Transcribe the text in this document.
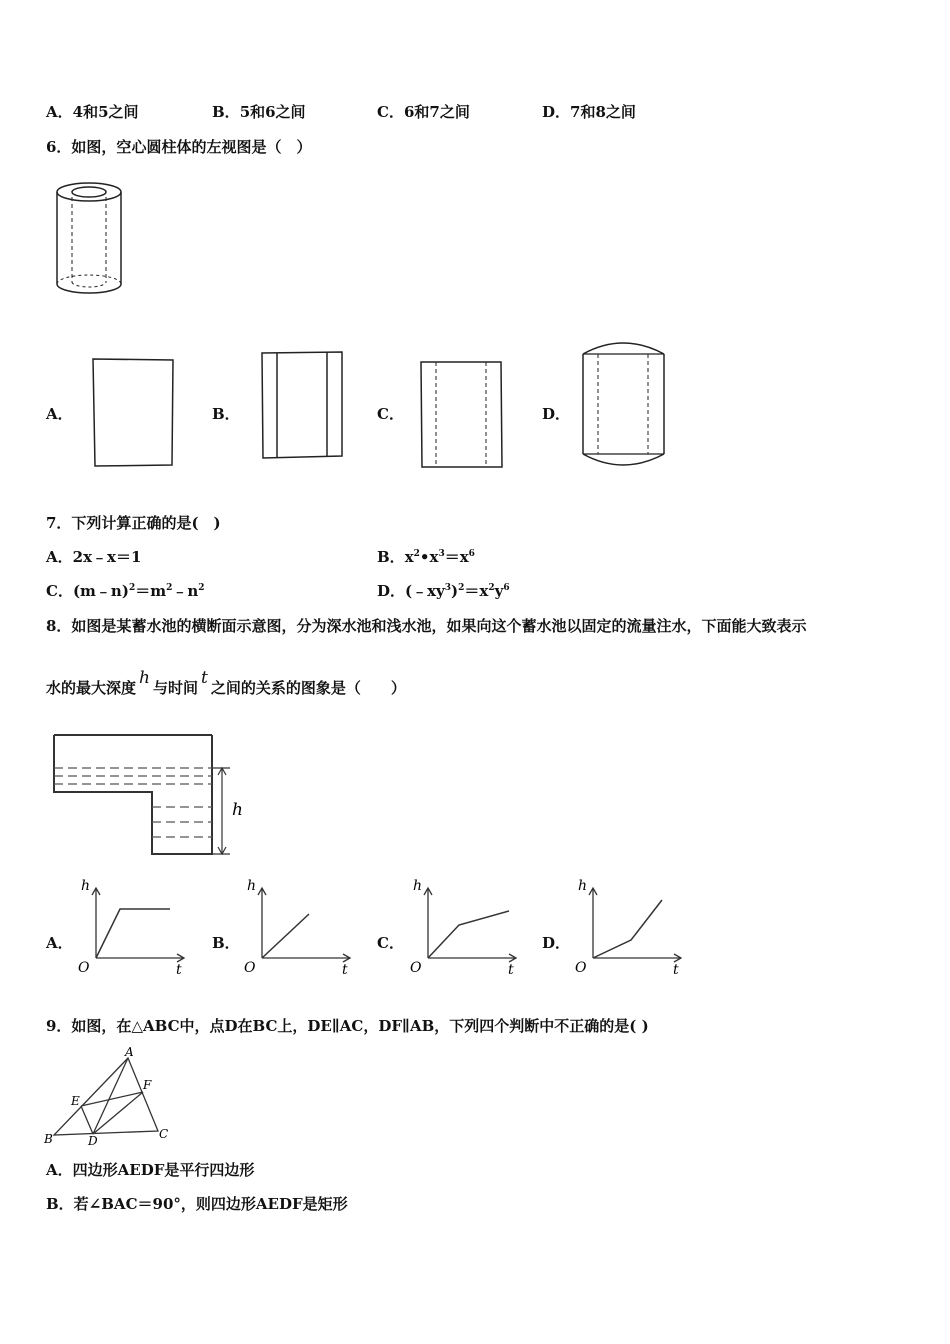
A．4和5之间	B．5和6之间	C．6和7之间	D．7和8之间
6．如图，空心圆柱体的左视图是（　）
A．	B．	C．	D．
7．下列计算正确的是(　)
A．2x﹣x＝1	B．$x^2•x^3=x^6$
C．$(m﹣n)^2=m^2﹣n^2$	D．$(﹣xy^3)^2=x^2y^6$
8．如图是某蓄水池的横断面示意图，分为深水池和浅水池，如果向这个蓄水池以固定的流量注水，下面能大致表示
水的最大深度 h 与时间 t 之间的关系的图象是（　　）
h
A．
h
t
O
B．
h
t
O
C．
h
t
O
D．
h
t
O
9．如图，在△ABC中，点D在BC上，DE∥AC，DF∥AB，下列四个判断中不正确的是( )
A
B	C
D
E
F
A．四边形AEDF是平行四边形
B．若∠BAC＝90°，则四边形AEDF是矩形
